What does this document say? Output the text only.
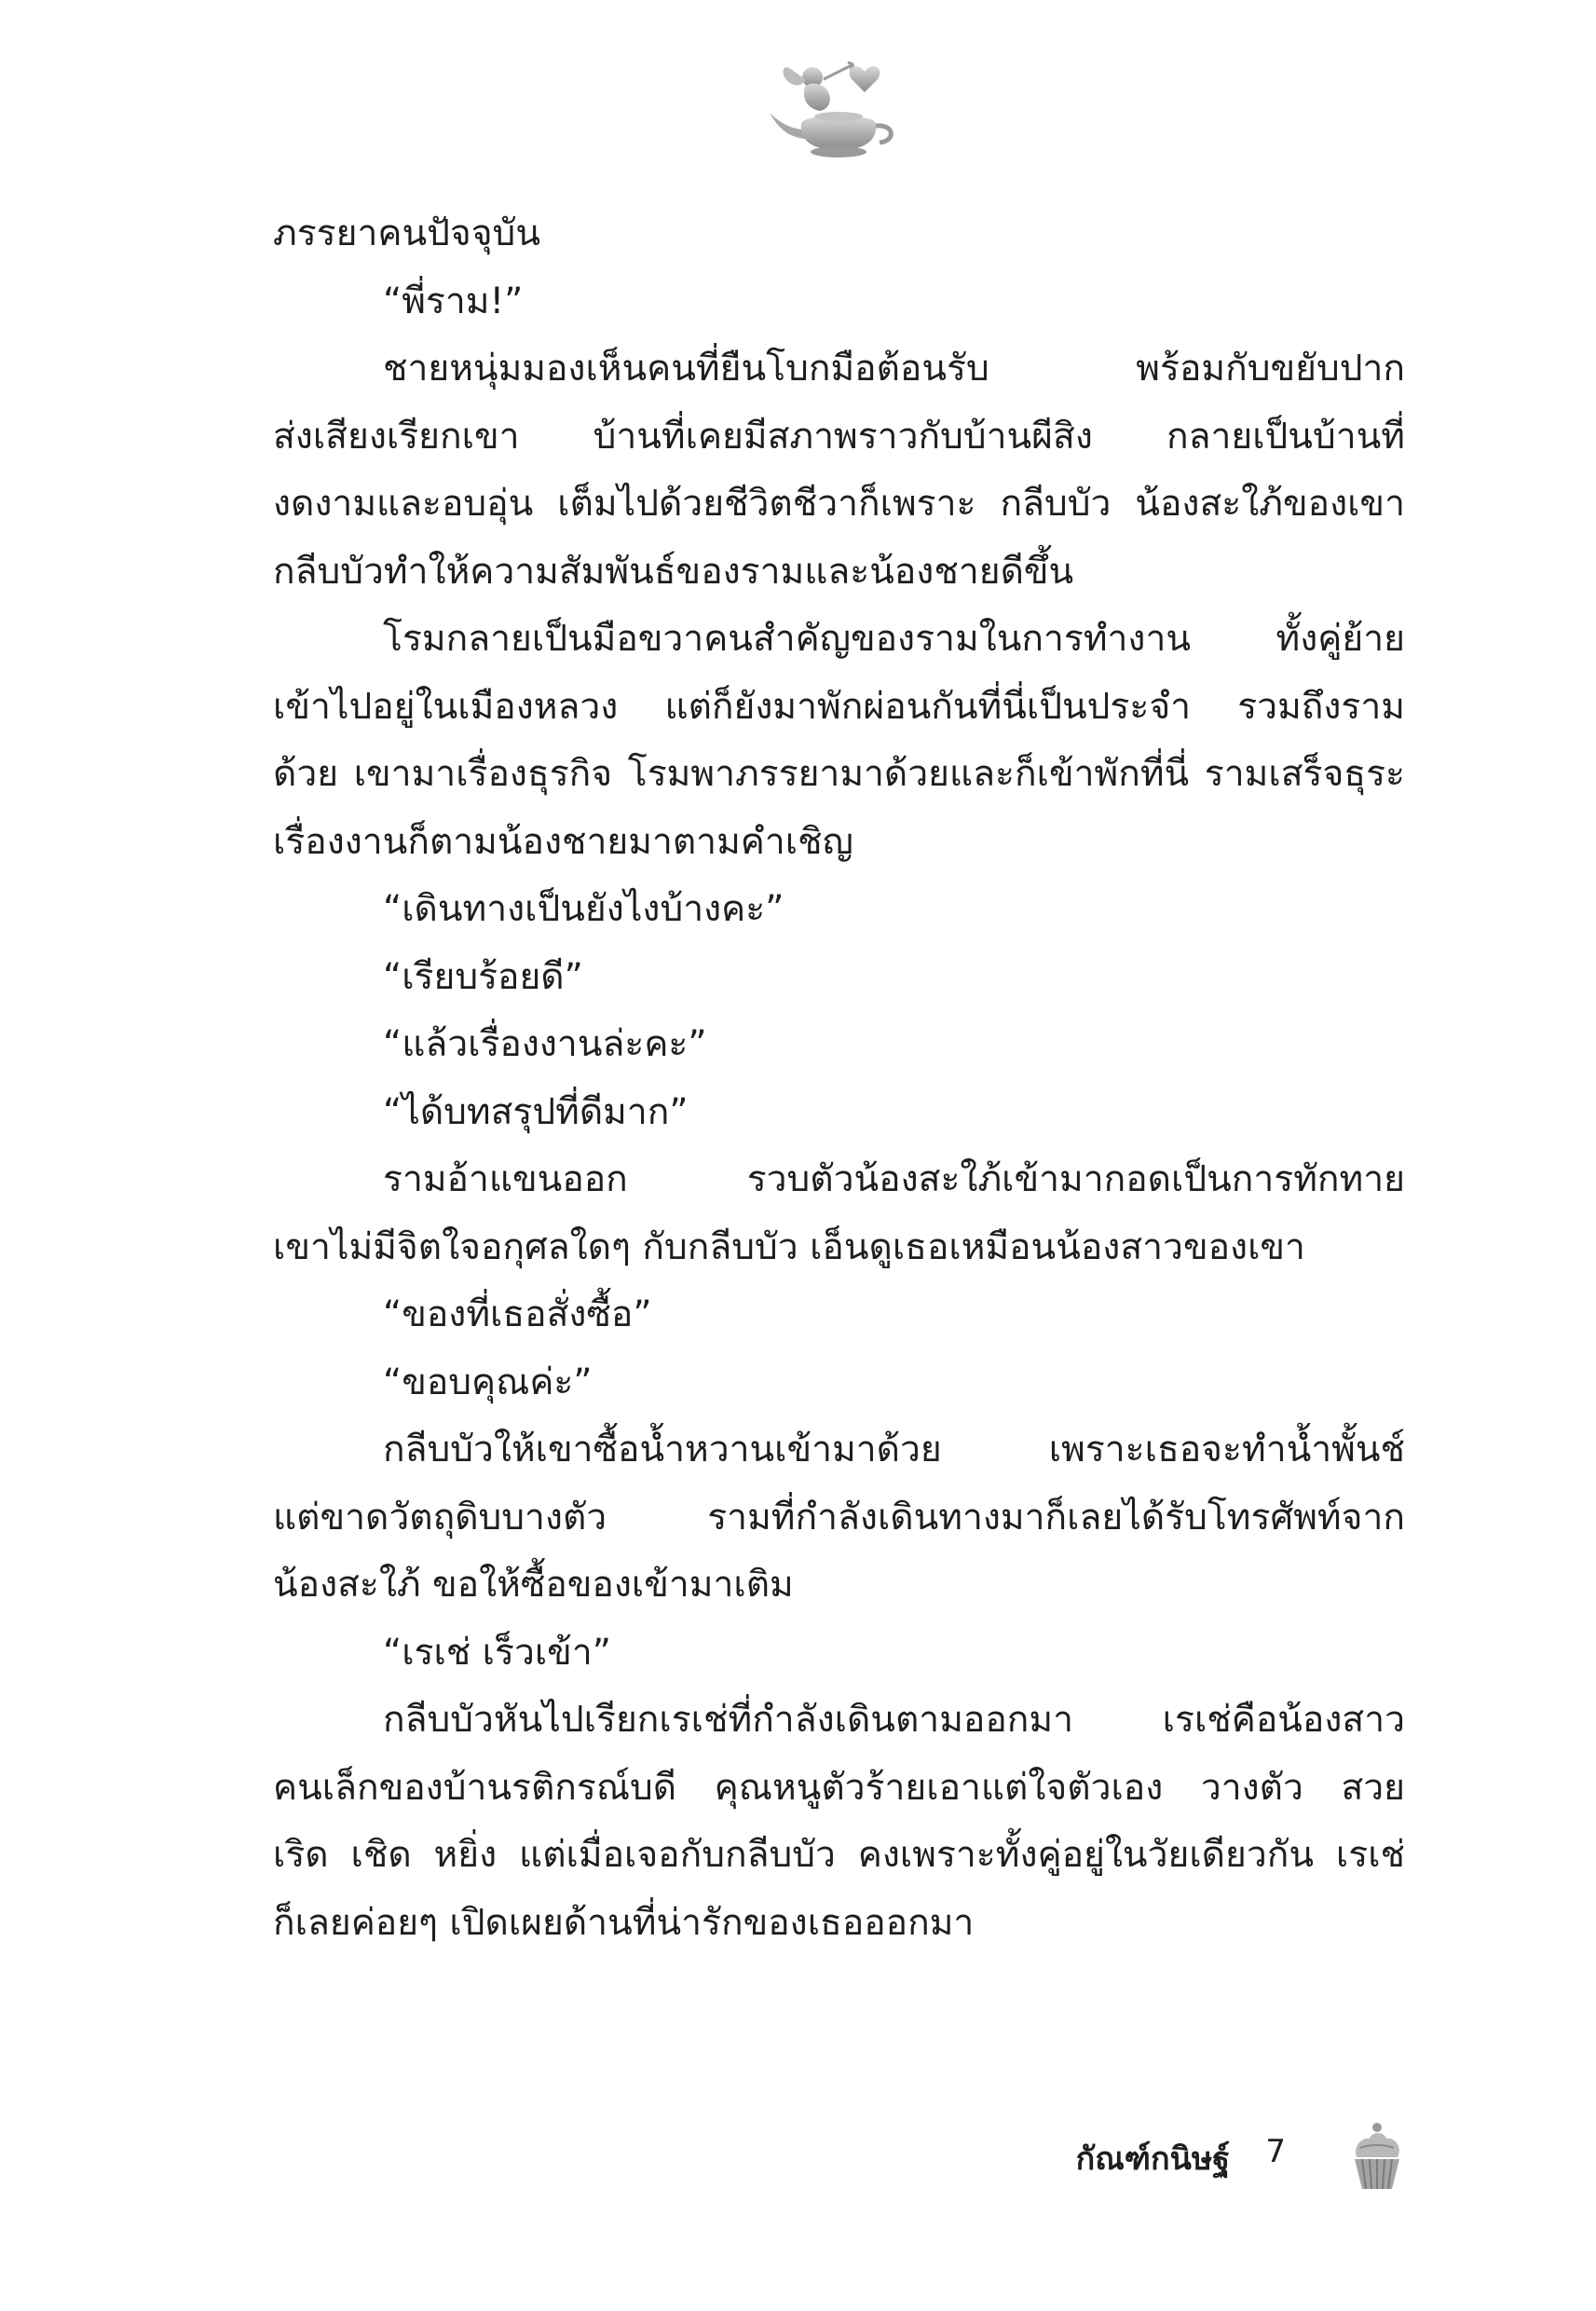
ภรรยาคนปัจจุบัน
“พี่ราม!”
ชายหนุ่มมองเห็นคนที่ยืนโบกมือต้อนรับ พร้อมกับขยับปาก
ส่งเสียงเรียกเขา บ้านที่เคยมีสภาพราวกับบ้านผีสิง กลายเป็นบ้านที่
งดงามและอบอุ่น เต็มไปด้วยชีวิตชีวาก็เพราะ กลีบบัว น้องสะใภ้ของเขา
กลีบบัวทำให้ความสัมพันธ์ของรามและน้องชายดีขึ้น
โรมกลายเป็นมือขวาคนสำคัญของรามในการทำงาน ทั้งคู่ย้าย
เข้าไปอยู่ในเมืองหลวง แต่ก็ยังมาพักผ่อนกันที่นี่เป็นประจำ รวมถึงราม
ด้วย เขามาเรื่องธุรกิจ โรมพาภรรยามาด้วยและก็เข้าพักที่นี่ รามเสร็จธุระ
เรื่องงานก็ตามน้องชายมาตามคำเชิญ
“เดินทางเป็นยังไงบ้างคะ”
“เรียบร้อยดี”
“แล้วเรื่องงานล่ะคะ”
“ได้บทสรุปที่ดีมาก”
รามอ้าแขนออก รวบตัวน้องสะใภ้เข้ามากอดเป็นการทักทาย
เขาไม่มีจิตใจอกุศลใดๆ กับกลีบบัว เอ็นดูเธอเหมือนน้องสาวของเขา
“ของที่เธอสั่งซื้อ”
“ขอบคุณค่ะ”
กลีบบัวให้เขาซื้อน้ำหวานเข้ามาด้วย เพราะเธอจะทำน้ำพั้นช์
แต่ขาดวัตถุดิบบางตัว รามที่กำลังเดินทางมาก็เลยได้รับโทรศัพท์จาก
น้องสะใภ้ ขอให้ซื้อของเข้ามาเติม
“เรเช่ เร็วเข้า”
กลีบบัวหันไปเรียกเรเช่ที่กำลังเดินตามออกมา เรเช่คือน้องสาว
คนเล็กของบ้านรติกรณ์บดี คุณหนูตัวร้ายเอาแต่ใจตัวเอง วางตัว สวย
เริด เชิด หยิ่ง แต่เมื่อเจอกับกลีบบัว คงเพราะทั้งคู่อยู่ในวัยเดียวกัน เรเช่
ก็เลยค่อยๆ เปิดเผยด้านที่น่ารักของเธอออกมา
กัณฑ์กนิษฐ์ 7
